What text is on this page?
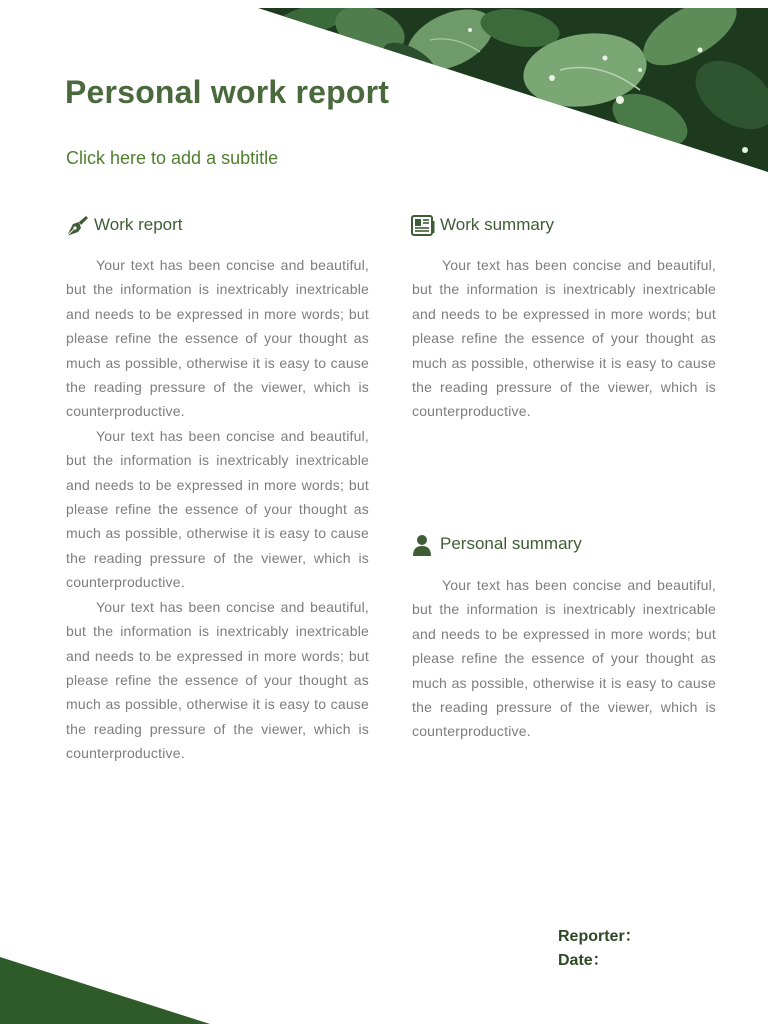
Personal work report
Click here to add a subtitle
Work report

Your text has been concise and beautiful, but the information is inextricably inextricable and needs to be expressed in more words; but please refine the essence of your thought as much as possible, otherwise it is easy to cause the reading pressure of the viewer, which is counterproductive.

Your text has been concise and beautiful, but the information is inextricably inextricable and needs to be expressed in more words; but please refine the essence of your thought as much as possible, otherwise it is easy to cause the reading pressure of the viewer, which is counterproductive.

Your text has been concise and beautiful, but the information is inextricably inextricable and needs to be expressed in more words; but please refine the essence of your thought as much as possible, otherwise it is easy to cause the reading pressure of the viewer, which is counterproductive.

Work summary

Your text has been concise and beautiful, but the information is inextricably inextricable and needs to be expressed in more words; but please refine the essence of your thought as much as possible, otherwise it is easy to cause the reading pressure of the viewer, which is counterproductive.

Personal summary

Your text has been concise and beautiful, but the information is inextricably inextricable and needs to be expressed in more words; but please refine the essence of your thought as much as possible, otherwise it is easy to cause the reading pressure of the viewer, which is counterproductive.

Reporter：
Date：
